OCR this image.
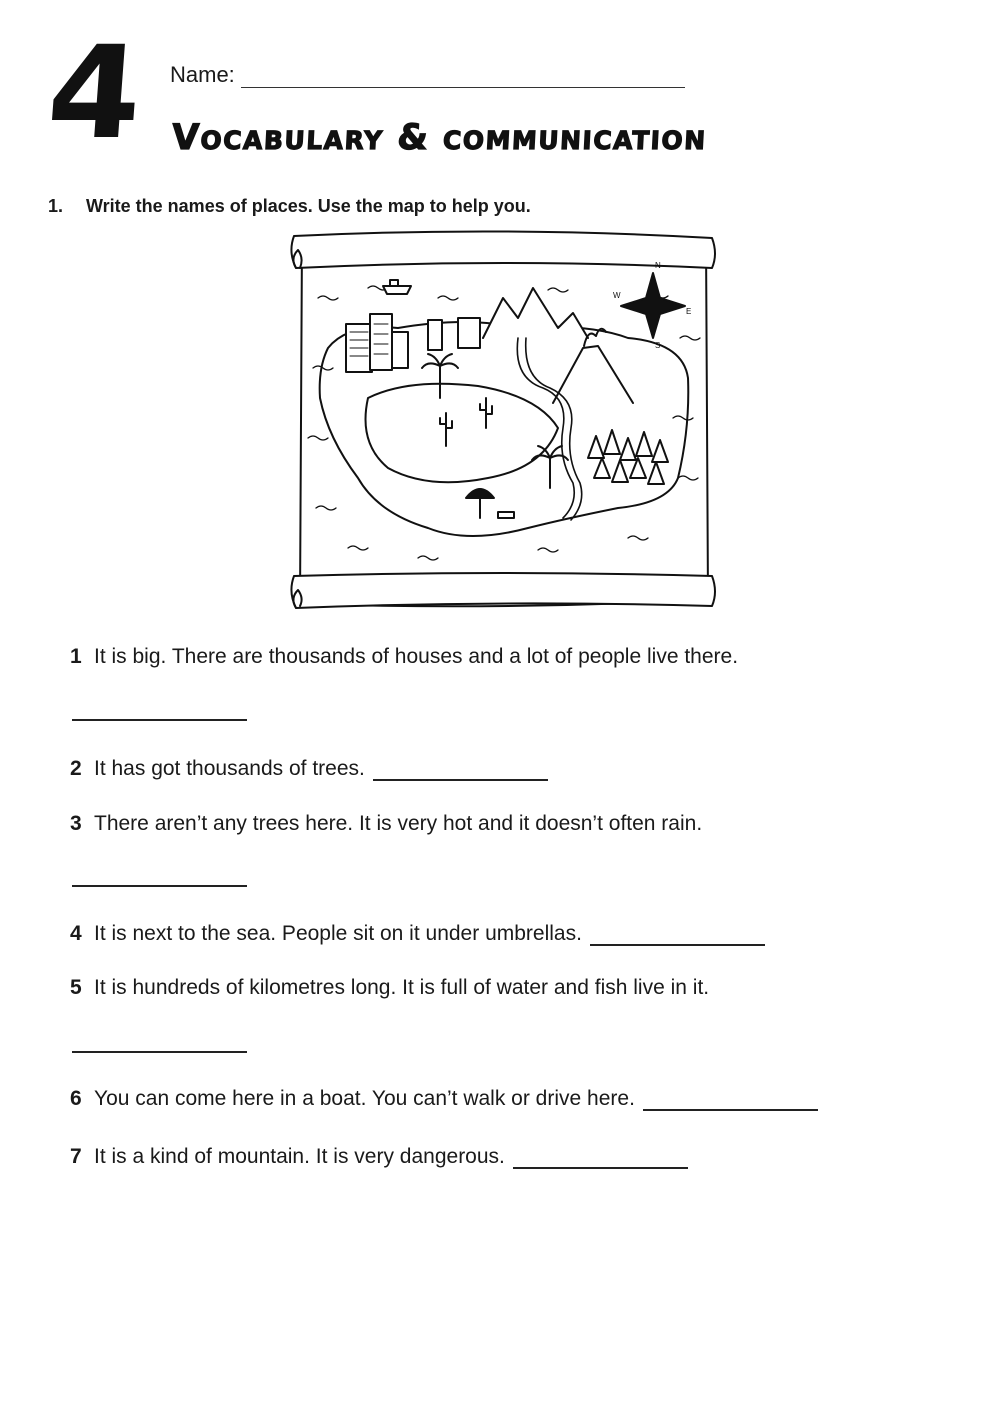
4 Name:
Vocabulary & communication
1. Write the names of places. Use the map to help you.
N
W
E
S
1 It is big. There are thousands of houses and a lot of people live there.
2 It has got thousands of trees.
3 There aren’t any trees here. It is very hot and it doesn’t often rain.
4 It is next to the sea. People sit on it under umbrellas.
5 It is hundreds of kilometres long. It is full of water and fish live in it.
6 You can come here in a boat. You can’t walk or drive here.
7 It is a kind of mountain. It is very dangerous.
